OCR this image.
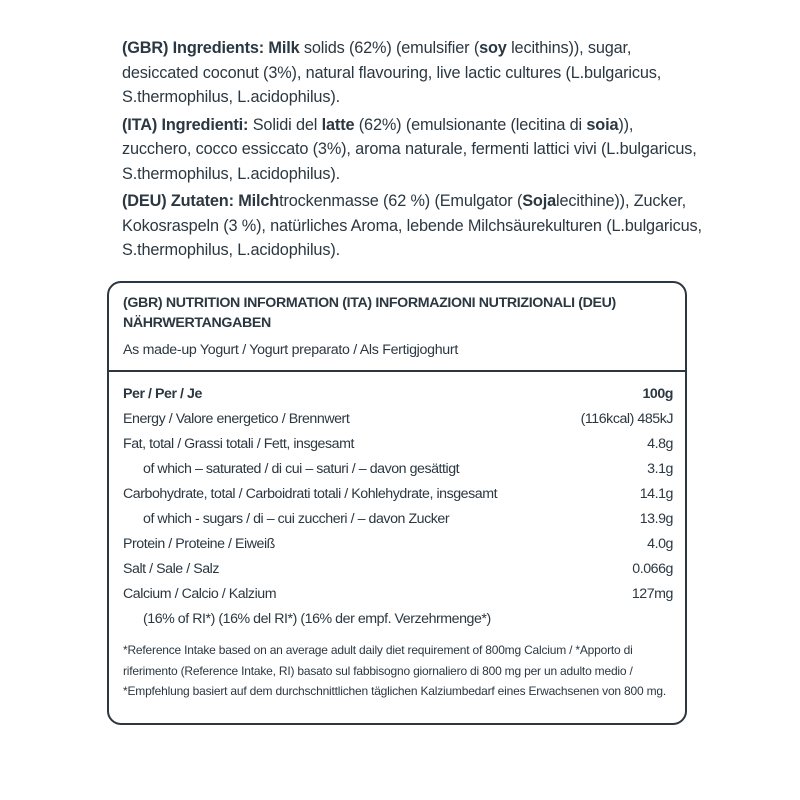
(GBR) Ingredients: Milk solids (62%) (emulsifier (soy lecithins)), sugar, desiccated coconut (3%), natural flavouring, live lactic cultures (L.bulgaricus, S.thermophilus, L.acidophilus).

(ITA) Ingredienti: Solidi del latte (62%) (emulsionante (lecitina di soia)), zucchero, cocco essiccato (3%), aroma naturale, fermenti lattici vivi (L.bulgaricus, S.thermophilus, L.acidophilus).

(DEU) Zutaten: Milchtrockenmasse (62 %) (Emulgator (Sojalecithine)), Zucker, Kokosraspeln (3 %), natürliches Aroma, lebende Milchsäurekulturen (L.bulgaricus, S.thermophilus, L.acidophilus).

(GBR) NUTRITION INFORMATION (ITA) INFORMAZIONI NUTRIZIONALI (DEU) NÄHRWERTANGABEN
As made-up Yogurt / Yogurt preparato / Als Fertigjoghurt
Per / Per / Je	100g
Energy / Valore energetico / Brennwert	(116kcal) 485kJ
Fat, total / Grassi totali / Fett, insgesamt	4.8g
of which – saturated / di cui – saturi / – davon gesättigt	3.1g
Carbohydrate, total / Carboidrati totali / Kohlehydrate, insgesamt	14.1g
of which - sugars / di – cui zuccheri / – davon Zucker	13.9g
Protein / Proteine / Eiweiß	4.0g
Salt / Sale / Salz	0.066g
Calcium / Calcio / Kalzium	127mg
(16% of RI*) (16% del RI*) (16% der empf. Verzehrmenge*)
*Reference Intake based on an average adult daily diet requirement of 800mg Calcium / *Apporto di riferimento (Reference Intake, RI) basato sul fabbisogno giornaliero di 800 mg per un adulto medio / *Empfehlung basiert auf dem durchschnittlichen täglichen Kalziumbedarf eines Erwachsenen von 800 mg.
